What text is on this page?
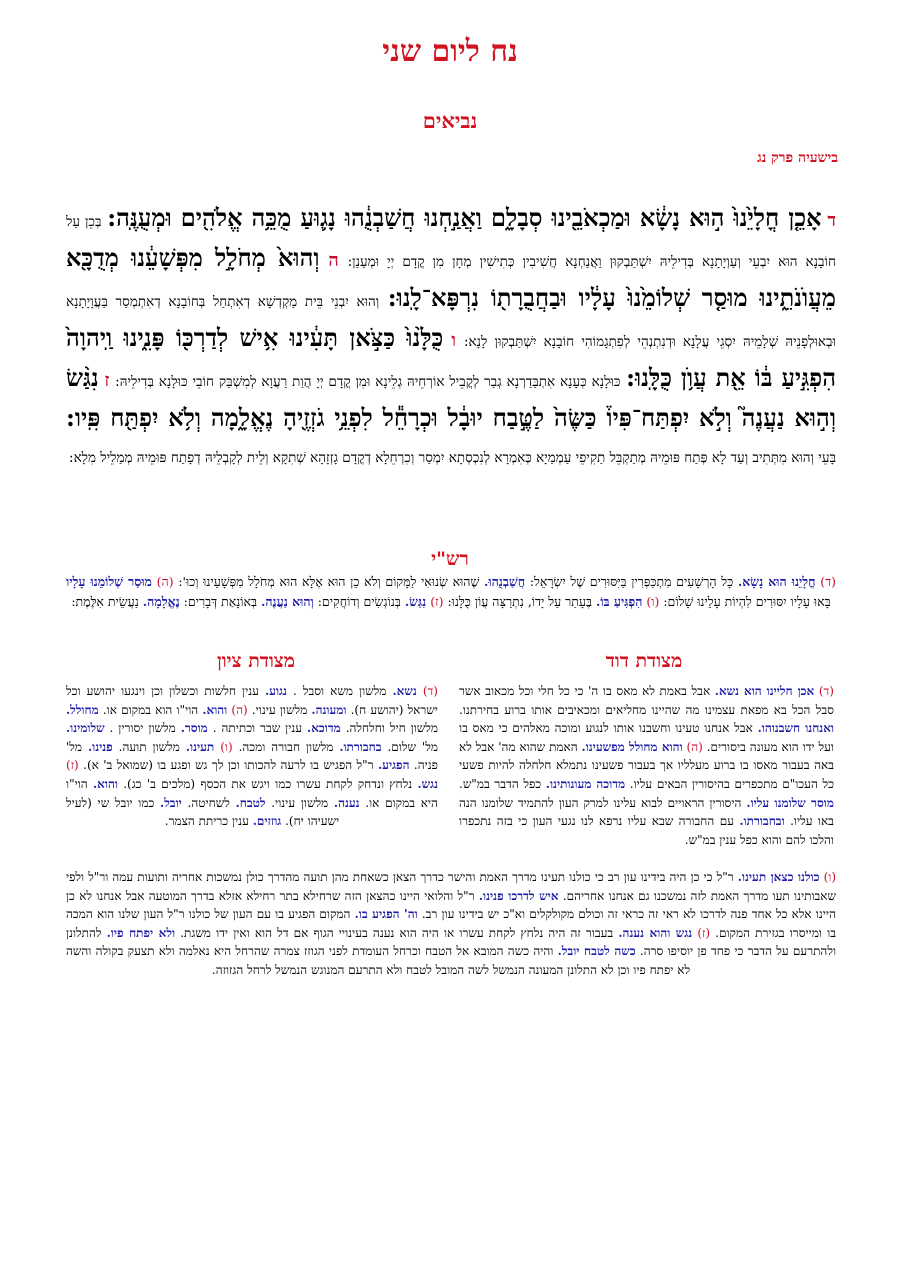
נח ליום שני
נביאים
בישעיה פרק נג
ד אָכֵ֤ן חֳלָיֵ֙נוּ֙ ה֣וּא נָשָׂ֔א וּמַכְאֹבֵ֖ינוּ סְבָלָ֑ם וַאֲנַ֣חְנוּ חֲשַׁבְנֻ֔הוּ נָג֛וּעַ מֻכֵּ֥ה אֱלֹהִ֖ים וּמְעֻנֶּֽה: בְּכֵן עַל חוֹבָנָא הוּא יִבְעֵי וְעַוְיָתָנָא בְּדִילֵיהּ יִשְׁתַּבְקוּן וַאֲנַחְנָא חֲשִׁיבִין כְּתִישִׁין מְחָן מִן קֳדָם יְיָ וּמְעַנַן: ה וְהוּא֙ מְחֹלָ֣ל מִפְּשָׁעֵ֔נוּ מְדֻכָּ֖א מֵעֲוֺנֹתֵ֑ינוּ מוּסַ֤ר שְׁלוֹמֵ֙נוּ֙ עָלָ֔יו וּבַחֲבֻרָת֖וֹ נִרְפָּא־לָֽנוּ: וְהוּא יִבְנֵי בֵּית מַקְדְשָׁא דְאִתְחַל בְּחוֹבָנָא דְאִתְמְסַר בַּעֲוָיָתָנָא וּבְאוּלְפָנֵיהּ שְׁלָמֵיהּ יִסְגֵי עֲלָנָא וּדְנִתְנְהֵי לְפִתְגָמוֹהִי חוֹבָנָא יִשְׁתַּבְקוּן לָנָא: ו כֻּלָּ֙נוּ֙ כַּצֹּ֣אן תָּעִ֔ינוּ אִ֥ישׁ לְדַרְכּ֖וֹ פָּנִ֑ינוּ וַֽיהוָה֙ הִפְגִּ֣יעַ בּ֔וֹ אֵ֖ת עֲוֺ֥ן כֻּלָּֽנוּ: כּוּלָנָא כְּעָנָא אִתְבַּדַרְנָא גְבַר לְקֳבֵיל אוֹרְחֵיהּ גְלֵינָא וּמִן קֳדָם יְיָ הֲוַת רַעֲוָא לְמִשְׁבַּק חוֹבֵי כּוּלָנָא בְּדִילֵיהּ: ז נִגַּ֨שׂ וְה֣וּא נַעֲנֶה֮ וְלֹ֣א יִפְתַּח־פִּיו֒ כַּשֶּׂה֙ לַטֶּ֣בַח יוּבָ֔ל וּכְרָחֵ֕ל לִפְנֵ֥י גֹזְזֶ֖יהָ נֶאֱלָ֑מָה וְלֹ֥א יִפְתַּ֖ח פִּֽיו: בָּעֵי וְהוּא מִתְּתִיב וְעַד לָא פְּתַח פּוּמֵיהּ מְתַקְבֵּל תַקִיפֵי עַמְמַיָא כְּאִמְרָא לְנִכְסְתָא יִמְסַר וְכִרְחֵלָא דְקֳדָם גָזְזָהָא שְׁתִקָא וְלֵית לְקָבְלֵיהּ דְפָתַח פּוּמֵיהּ מְמַלֵיל מִלָא:
רש"י
(ד) חֳלָיֵנוּ הוּא נָשָׂא. כָּל הָרְשָׁעִים מִתְכַּפְּרִין בַּיִּסּוּרִים שֶׁל יִשְׂרָאֵל: חֲשַׁבְנֻהוּ. שֶׁהוּא שְׂנוּאִי לַמָּקוֹם וְלֹא כֵן הוּא אֶלָּא הוּא מְחֹלָל מִפְּשָׁעֵינוּ וְכוּ': (ה) מוּסַר שְׁלוֹמֵנוּ עָלָיו בָּאוּ עָלָיו יִסּוּרִים לִהְיוֹת עָלֵינוּ שָׁלוֹם: (ו) הִפְגִּיעַ בּוֹ. בֶּעָתַר עַל יָדוֹ, נִתְרַצָּה עֲוֹן כֻּלָּנוּ: (ז) נִגַּשׂ. בְּנוֹגְשִׂים וְדוֹחֲקִים: וְהוּא נַעֲנֶה. בְּאוֹנָאַת דְּבָרִים: נֶאֱלָמָה. נַעֲשֵׂית אִלֶּמֶת:
מצודת דוד
מצודת ציון
(ד) אכן חליינו הוא נשא. אבל באמת לא מאס בו ה' כי כל חלי וכל מכאוב אשר סבל הכל בא מפאת עצמינו מה שהיינו מחליאים ומכאיבים אותו ברוע בחירתנו. ואנחנו חשבנוהו. אבל אנחנו טעינו וחשבנו אותו לנגוע ומוכה מאלהים כי מאס בו ועל ידו הוא מעונה ביסורים. (ה) והוא מחולל מפשעינו. האמת שהוא מה' אבל לא באה בעבור מאסו בו ברוע מעלליו אך בעבור פשעינו נתמלא חלחלה להיות פשעי כל העכו"ם מתכפרים בהיסורין הבאים עליו. מדוכה מעונותינו. כפל הדבר במ"ש. מוסר שלומנו עליו. היסורין הראויים לבוא עלינו למרק העון להתמיד שלומנו הנה באו עליו. ובחבורתו. עם החבורה שבא עליו נרפא לנו נגעי העון כי בזה נתכפרו והלכו להם והוא כפל ענין במ"ש.
(ד) נשא. מלשון משא וסבל . נגוע. ענין חלשות וכשלון וכן וינגעו יהושע וכל ישראל (יהושע ח). ומעונה. מלשון עינוי. (ה) והוא. הוי"ו הוא במקום או. מחולל. מלשון חיל וחלחלה. מדוכא. ענין שבר וכתיתה . מוסר. מלשון יסורין . שלומינו. מל' שלום. בחבורתו. מלשון חבורה ומכה. (ו) תעינו. מלשון תועה. פנינו. מל' פניה. הפגיע. ר"ל הפגיש בו לרעה להכותו וכן לך גש ופגע בו (שמואל ב' א). (ז) נגש. נלחץ ונדחק לקחת עשרו כמו ויגש את הכסף (מלכים ב' כג). והוא. הוי"ו היא במקום או. נענה. מלשון עינוי. לטבח. לשחיטה. יובל. כמו יובל שי (לעיל ישעיהו יח). גוזזים. ענין כריתת הצמר.
(ו) כולנו כצאן תעינו. ר"ל כי כן היה בידינו עון רב כי כולנו תעינו מדרך האמת והישר כדרך הצאן כשאחת מהן תועה מהדרך כולן נמשכות אחריה ותועות עמה ור"ל ולפי שאבותינו תעו מדרך האמת לזה נמשכנו גם אנחנו אחריהם. איש לדרכו פנינו. ר"ל והלואי היינו כהצאן הזה שרחילא בתר רחילא אזלא בדרך המוטעה אבל אנחנו לא כן היינו אלא כל אחד פנה לדרכו לא ראי זה כראי זה וכולם מקולקלים וא"כ יש בידינו עון רב. וה' הפגיע בו. המקום הפגיע בו עם העון של כולנו ר"ל העון שלנו הוא המכה בו ומייסרו בגזירת המקום. (ז) נגש והוא נענה. בעבור זה היה נלחץ לקחת עשרו או היה הוא נענה בעינויי הגוף אם דל הוא ואין ידו משגת. ולא יפתח פיו. להתלונן ולהתרעם על הדבר כי פחד פן יוסיפו סרה. כשה לטבח יובל. והיה כשה המובא אל הטבח וכרחל העומדת לפני הגוזז צמרה שהרחל היא נאלמה ולא תצעק בקולה והשה לא יפתח פיו וכן לא התלונן המעונה הנמשל לשה המובל לטבח ולא התרעם המנוגש הנמשל לרחל הגזוזה.
